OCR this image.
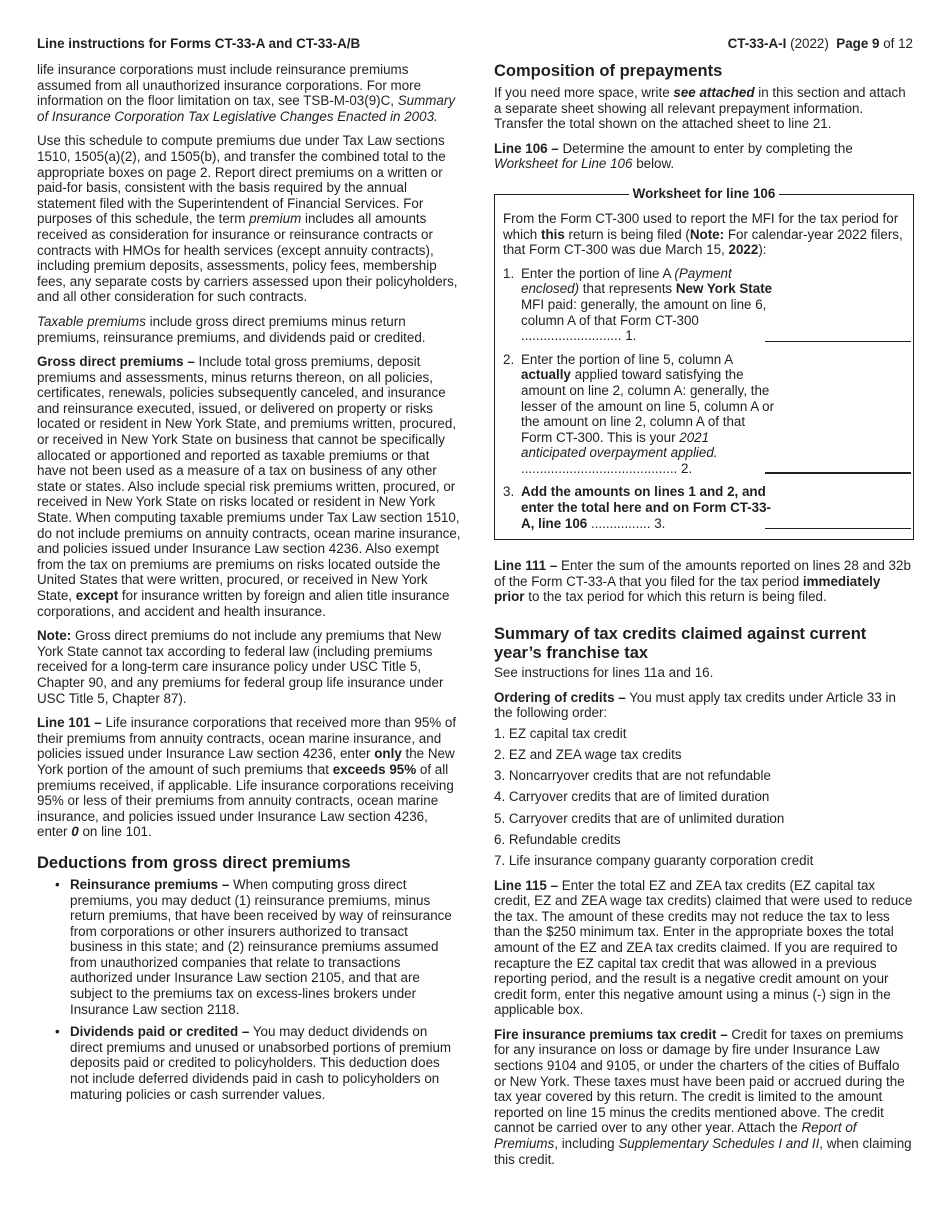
Line instructions for Forms CT-33-A and CT-33-A/B	CT-33-A-I (2022) Page 9 of 12

life insurance corporations must include reinsurance premiums assumed from all unauthorized insurance corporations. For more information on the floor limitation on tax, see TSB-M-03(9)C, Summary of Insurance Corporation Tax Legislative Changes Enacted in 2003.

Use this schedule to compute premiums due under Tax Law sections 1510, 1505(a)(2), and 1505(b), and transfer the combined total to the appropriate boxes on page 2. Report direct premiums on a written or paid-for basis, consistent with the basis required by the annual statement filed with the Superintendent of Financial Services. For purposes of this schedule, the term premium includes all amounts received as consideration for insurance or reinsurance contracts or contracts with HMOs for health services (except annuity contracts), including premium deposits, assessments, policy fees, membership fees, any separate costs by carriers assessed upon their policyholders, and all other consideration for such contracts.

Taxable premiums include gross direct premiums minus return premiums, reinsurance premiums, and dividends paid or credited.

Gross direct premiums – Include total gross premiums, deposit premiums and assessments, minus returns thereon, on all policies, certificates, renewals, policies subsequently canceled, and insurance and reinsurance executed, issued, or delivered on property or risks located or resident in New York State, and premiums written, procured, or received in New York State on business that cannot be specifically allocated or apportioned and reported as taxable premiums or that have not been used as a measure of a tax on business of any other state or states. Also include special risk premiums written, procured, or received in New York State on risks located or resident in New York State. When computing taxable premiums under Tax Law section 1510, do not include premiums on annuity contracts, ocean marine insurance, and policies issued under Insurance Law section 4236. Also exempt from the tax on premiums are premiums on risks located outside the United States that were written, procured, or received in New York State, except for insurance written by foreign and alien title insurance corporations, and accident and health insurance.

Note: Gross direct premiums do not include any premiums that New York State cannot tax according to federal law (including premiums received for a long-term care insurance policy under USC Title 5, Chapter 90, and any premiums for federal group life insurance under USC Title 5, Chapter 87).

Line 101 – Life insurance corporations that received more than 95% of their premiums from annuity contracts, ocean marine insurance, and policies issued under Insurance Law section 4236, enter only the New York portion of the amount of such premiums that exceeds 95% of all premiums received, if applicable. Life insurance corporations receiving 95% or less of their premiums from annuity contracts, ocean marine insurance, and policies issued under Insurance Law section 4236, enter 0 on line 101.

Deductions from gross direct premiums
• Reinsurance premiums – When computing gross direct premiums, you may deduct (1) reinsurance premiums, minus return premiums, that have been received by way of reinsurance from corporations or other insurers authorized to transact business in this state; and (2) reinsurance premiums assumed from unauthorized companies that relate to transactions authorized under Insurance Law section 2105, and that are subject to the premiums tax on excess-lines brokers under Insurance Law section 2118.
• Dividends paid or credited – You may deduct dividends on direct premiums and unused or unabsorbed portions of premium deposits paid or credited to policyholders. This deduction does not include deferred dividends paid in cash to policyholders on maturing policies or cash surrender values.
Composition of prepayments

If you need more space, write see attached in this section and attach a separate sheet showing all relevant prepayment information. Transfer the total shown on the attached sheet to line 21.

Line 106 – Determine the amount to enter by completing the Worksheet for Line 106 below.

Worksheet for line 106

From the Form CT-300 used to report the MFI for the tax period for which this return is being filed (Note: For calendar-year 2022 filers, that Form CT-300 was due March 15, 2022):

1. Enter the portion of line A (Payment enclosed) that represents New York State MFI paid: generally, the amount on line 6, column A of that Form CT-300 ........................... 1.
2. Enter the portion of line 5, column A actually applied toward satisfying the amount on line 2, column A: generally, the lesser of the amount on line 5, column A or the amount on line 2, column A of that Form CT-300. This is your 2021 anticipated overpayment applied. .......................................... 2.
3. Add the amounts on lines 1 and 2, and enter the total here and on Form CT-33-A, line 106 ................ 3.

Line 111 – Enter the sum of the amounts reported on lines 28 and 32b of the Form CT-33-A that you filed for the tax period immediately prior to the tax period for which this return is being filed.

Summary of tax credits claimed against current year’s franchise tax

See instructions for lines 11a and 16.

Ordering of credits – You must apply tax credits under Article 33 in the following order:

1. EZ capital tax credit
2. EZ and ZEA wage tax credits
3. Noncarryover credits that are not refundable
4. Carryover credits that are of limited duration
5. Carryover credits that are of unlimited duration
6. Refundable credits
7. Life insurance company guaranty corporation credit

Line 115 – Enter the total EZ and ZEA tax credits (EZ capital tax credit, EZ and ZEA wage tax credits) claimed that were used to reduce the tax. The amount of these credits may not reduce the tax to less than the $250 minimum tax. Enter in the appropriate boxes the total amount of the EZ and ZEA tax credits claimed. If you are required to recapture the EZ capital tax credit that was allowed in a previous reporting period, and the result is a negative credit amount on your credit form, enter this negative amount using a minus (-) sign in the applicable box.

Fire insurance premiums tax credit – Credit for taxes on premiums for any insurance on loss or damage by fire under Insurance Law sections 9104 and 9105, or under the charters of the cities of Buffalo or New York. These taxes must have been paid or accrued during the tax year covered by this return. The credit is limited to the amount reported on line 15 minus the credits mentioned above. The credit cannot be carried over to any other year. Attach the Report of Premiums, including Supplementary Schedules I and II, when claiming this credit.
